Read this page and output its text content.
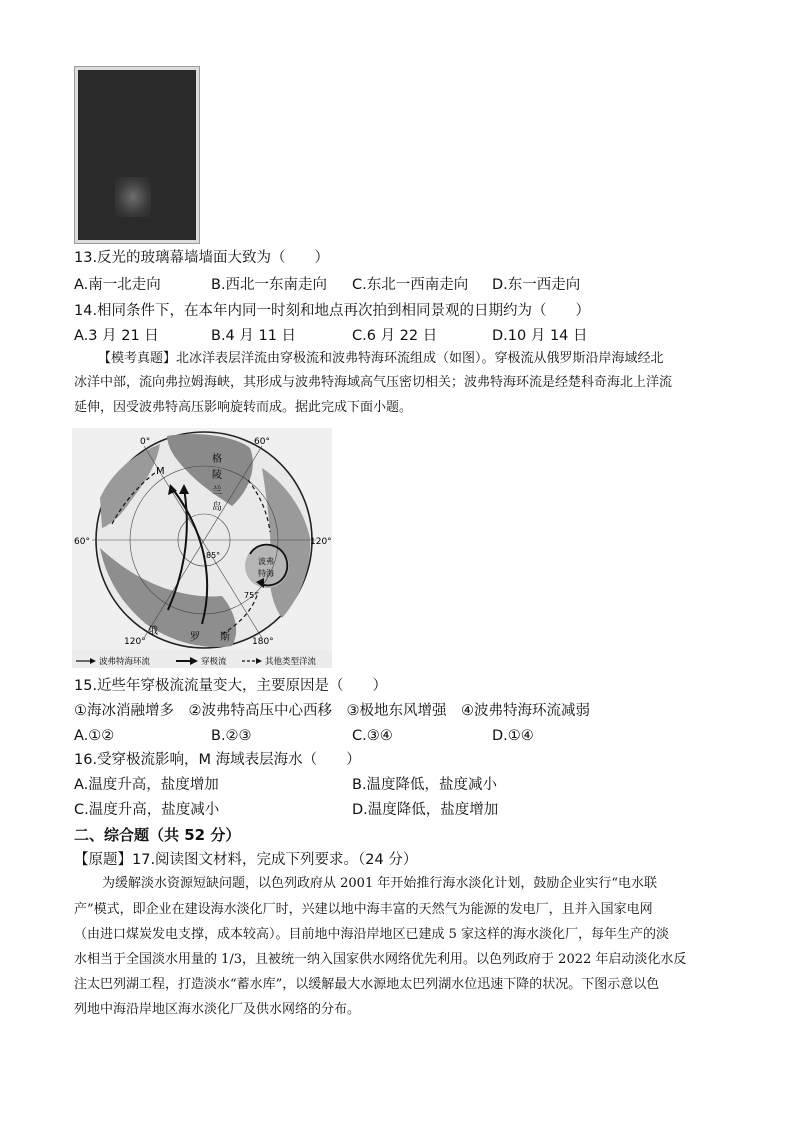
13.反光的玻璃幕墙墙面大致为（　　）
A.南一北走向	B.西北一东南走向 C.东北一西南走向 D.东一西走向
14.相同条件下，在本年内同一时刻和地点再次拍到相同景观的日期约为（　　）
A.3 月 21 日	B.4 月 11 日	C.6 月 22 日	D.10 月 14 日
【模考真题】北冰洋表层洋流由穿极流和波弗特海环流组成（如图）。穿极流从俄罗斯沿岸海域经北
冰洋中部，流向弗拉姆海峡，其形成与波弗特海域高气压密切相关；波弗特海环流是经楚科奇海北上洋流
延伸，因受波弗特高压影响旋转而成。据此完成下面小题。
0°	60°
60°	120°
120°	180°
85°
75°
M
格
陵
兰
岛
俄
罗 斯
波弗
特海
波弗特海环流	穿极流	其他类型洋流
15.近些年穿极流流量变大，主要原因是（　　）
①海冰消融增多　②波弗特高压中心西移　③极地东风增强　④波弗特海环流减弱
A.①②	B.②③	C.③④	D.①④
16.受穿极流影响，M 海域表层海水（　　）
A.温度升高，盐度增加	B.温度降低，盐度减小
C.温度升高，盐度减小	D.温度降低，盐度增加
二、综合题（共 52 分）
【原题】17.阅读图文材料，完成下列要求。（24 分）
为缓解淡水资源短缺问题，以色列政府从 2001 年开始推行海水淡化计划，鼓励企业实行“电水联
产”模式，即企业在建设海水淡化厂时，兴建以地中海丰富的天然气为能源的发电厂，且并入国家电网
（由进口煤炭发电支撑，成本较高）。目前地中海沿岸地区已建成 5 家这样的海水淡化厂，每年生产的淡
水相当于全国淡水用量的 1/3，且被统一纳入国家供水网络优先利用。以色列政府于 2022 年启动淡化水反
注太巴列湖工程，打造淡水“蓄水库”，以缓解最大水源地太巴列湖水位迅速下降的状况。下图示意以色
列地中海沿岸地区海水淡化厂及供水网络的分布。
